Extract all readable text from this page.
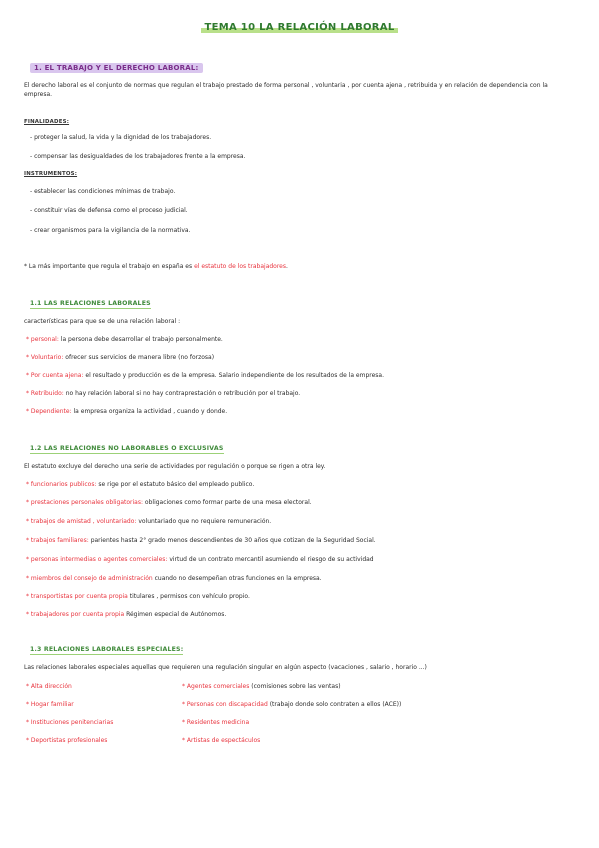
TEMA 10 LA RELACIÓN LABORAL
1. EL TRABAJO Y EL DERECHO LABORAL:
El derecho laboral es el conjunto de normas que regulan el trabajo prestado de forma personal , voluntaria , por cuenta ajena , retribuida y en relación de dependencia con la empresa.
FINALIDADES:
- proteger la salud, la vida y la dignidad de los trabajadores.
- compensar las desigualdades de los trabajadores frente a la empresa.
INSTRUMENTOS:
- establecer las condiciones mínimas de trabajo.
- constituir vías de defensa como el proceso judicial.
- crear organismos para la vigilancia de la normativa.
* La más importante que regula el trabajo en españa es el estatuto de los trabajadores.
1.1 LAS RELACIONES LABORALES
características para que se de una relación laboral :
* personal: la persona debe desarrollar el trabajo personalmente.
* Voluntario: ofrecer sus servicios de manera libre (no forzosa)
* Por cuenta ajena: el resultado y producción es de la empresa. Salario independiente de los resultados de la empresa.
* Retribuido: no hay relación laboral si no hay contraprestación o retribución por el trabajo.
* Dependiente: la empresa organiza la actividad , cuando y donde.
1.2 LAS RELACIONES NO LABORABLES O EXCLUSIVAS
El estatuto excluye del derecho una serie de actividades por regulación o porque se rigen a otra ley.
* funcionarios publicos: se rige por el estatuto básico del empleado publico.
* prestaciones personales obligatorias: obligaciones como formar parte de una mesa electoral.
* trabajos de amistad , voluntariado: voluntariado que no requiere remuneración.
* trabajos familiares: parientes hasta 2° grado menos descendientes de 30 años que cotizan de la Seguridad Social.
* personas intermedias o agentes comerciales: virtud de un contrato mercantil asumiendo el riesgo de su actividad
* miembros del consejo de administración cuando no desempeñan otras funciones en la empresa.
* transportistas por cuenta propia titulares , permisos con vehículo propio.
* trabajadores por cuenta propia Régimen especial de Autónomos.
1.3 RELACIONES LABORALES ESPECIALES:
Las relaciones laborales especiales aquellas que requieren una regulación singular en algún aspecto (vacaciones , salario , horario ...)
* Alta dirección
* Hogar familiar
* Instituciones penitenciarias
* Deportistas profesionales
* Agentes comerciales (comisiones sobre las ventas)
* Personas con discapacidad (trabajo donde solo contraten a ellos (ACE))
* Residentes medicina
* Artistas de espectáculos
